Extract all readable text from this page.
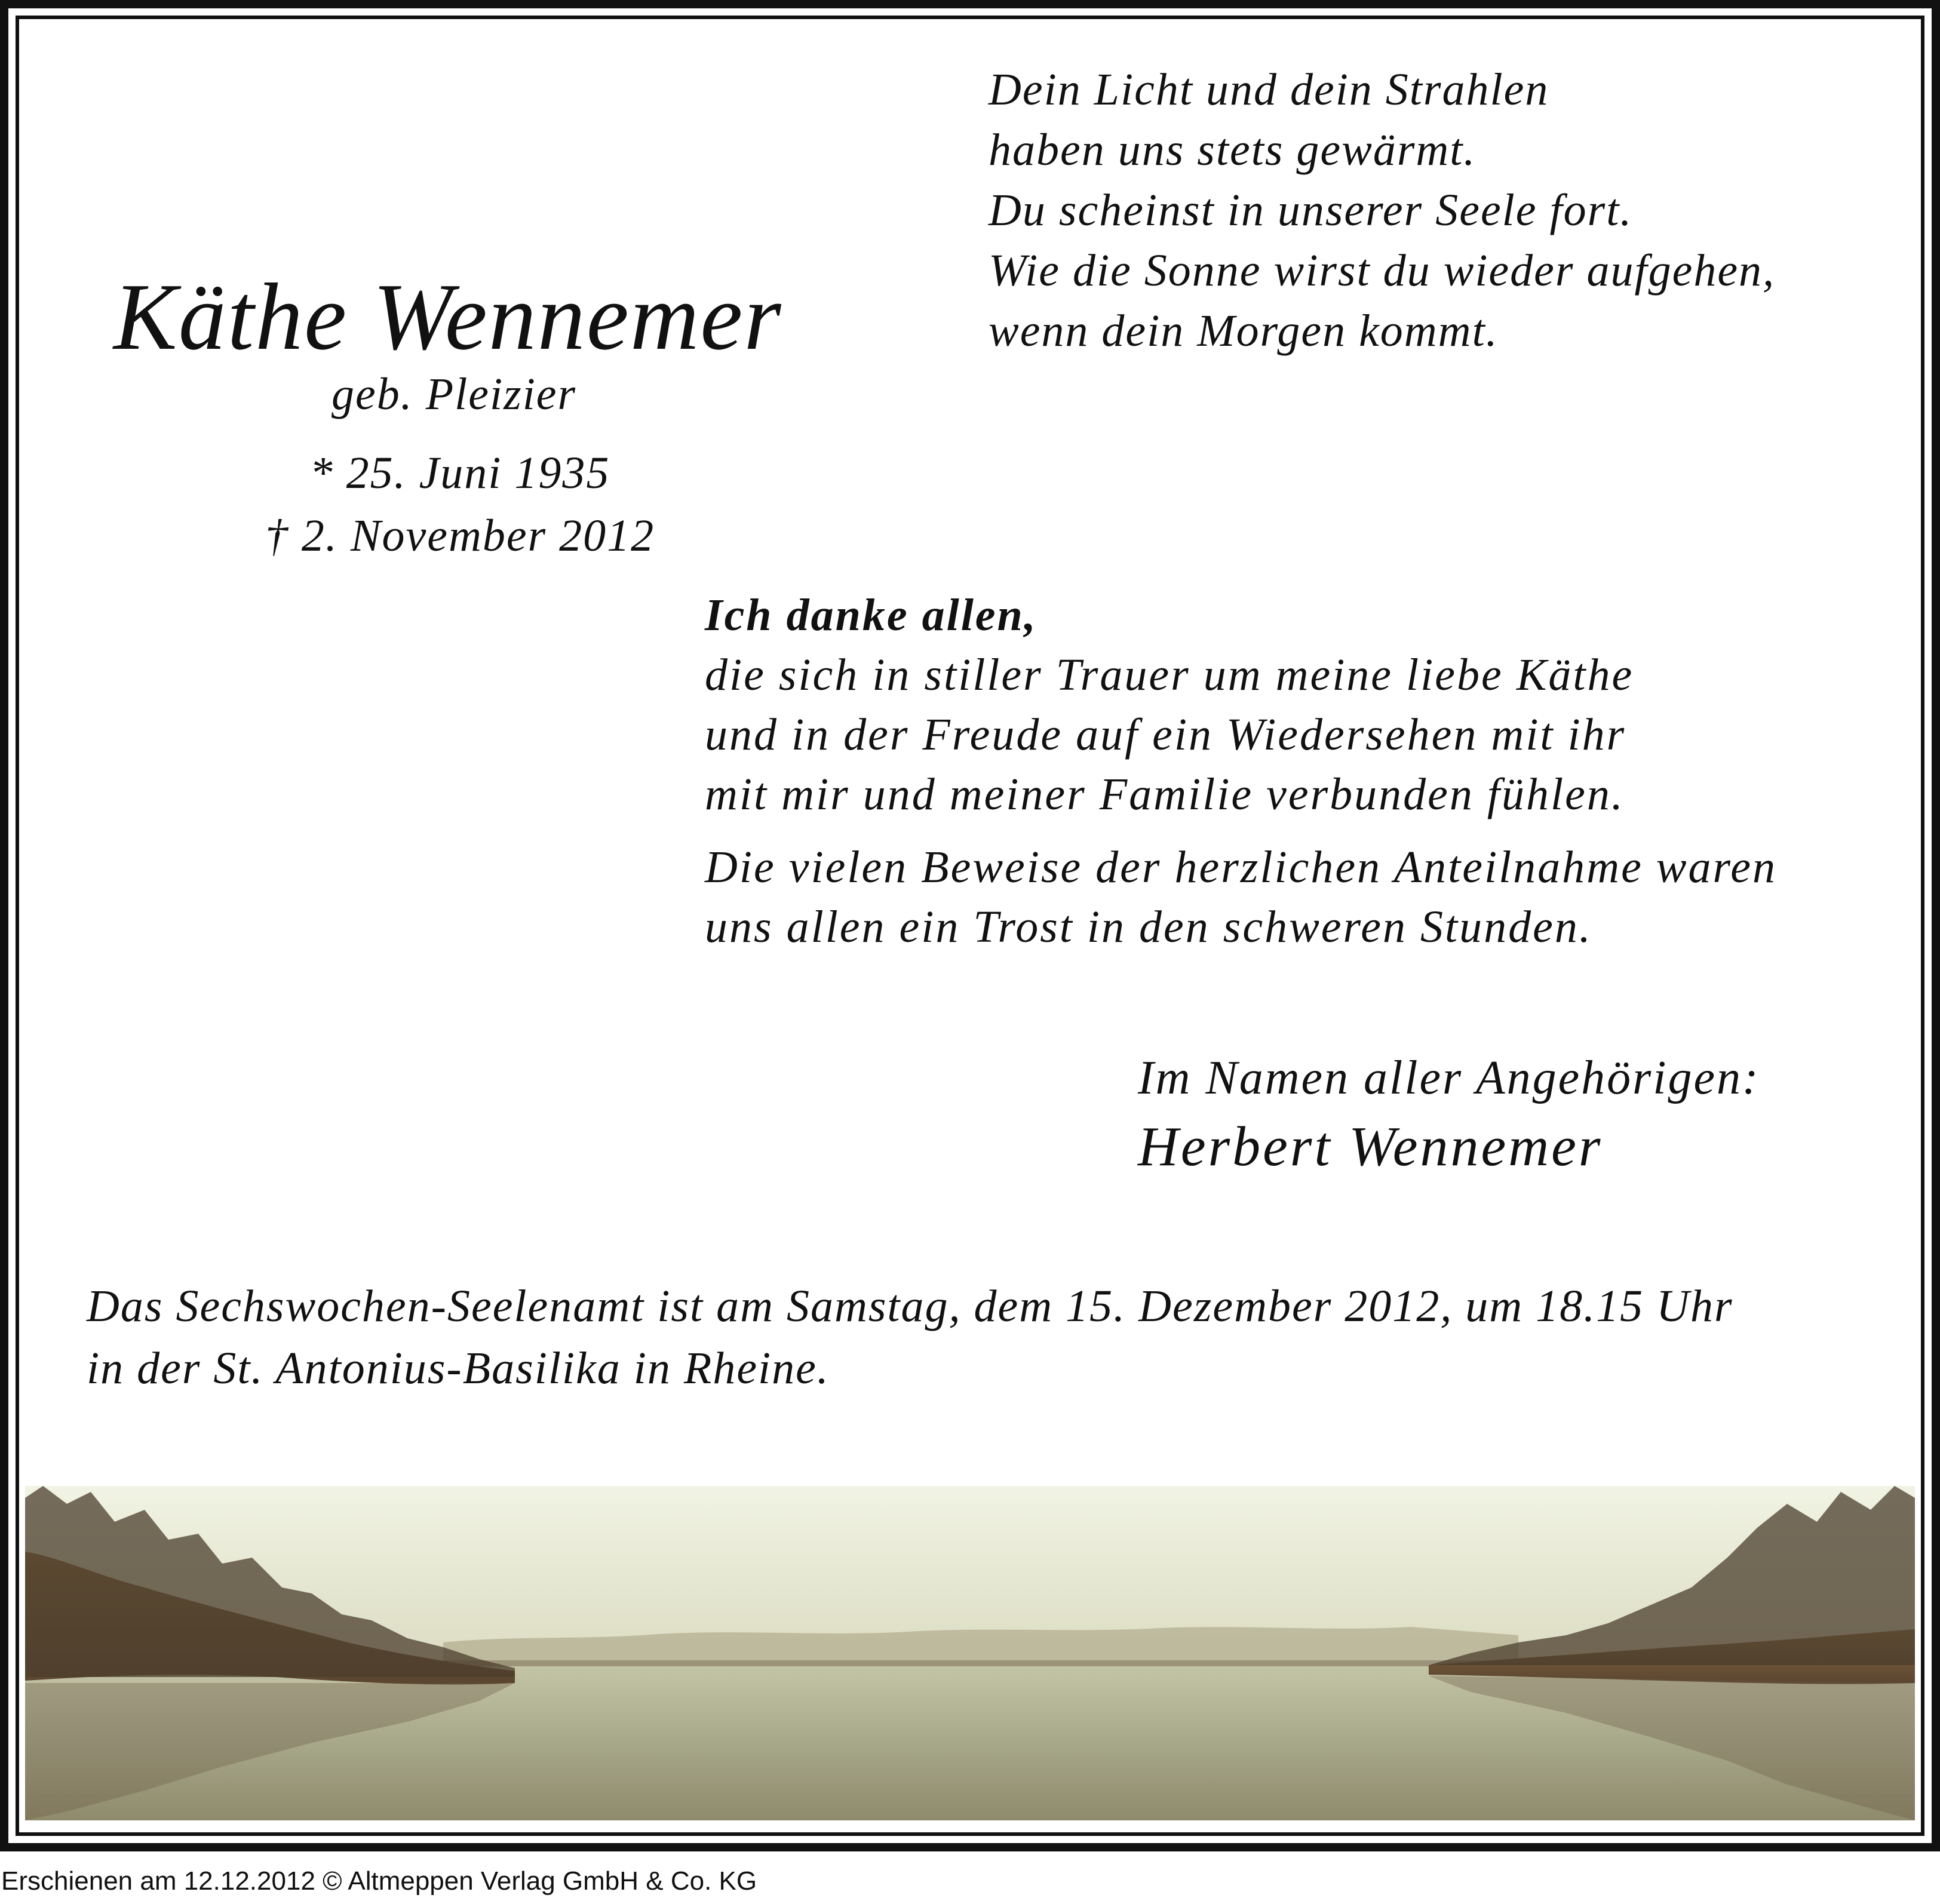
Dein Licht und dein Strahlen
haben uns stets gewärmt.
Du scheinst in unserer Seele fort.
Wie die Sonne wirst du wieder aufgehen,
wenn dein Morgen kommt.
Käthe Wennemer
geb. Pleizier
* 25. Juni 1935
† 2. November 2012
Ich danke allen,
die sich in stiller Trauer um meine liebe Käthe
und in der Freude auf ein Wiedersehen mit ihr
mit mir und meiner Familie verbunden fühlen.
Die vielen Beweise der herzlichen Anteilnahme waren
uns allen ein Trost in den schweren Stunden.
Im Namen aller Angehörigen:
Herbert Wennemer
Das Sechswochen-Seelenamt ist am Samstag, dem 15. Dezember 2012, um 18.15 Uhr
in der St. Antonius-Basilika in Rheine.
Erschienen am 12.12.2012 © Altmeppen Verlag GmbH & Co. KG
